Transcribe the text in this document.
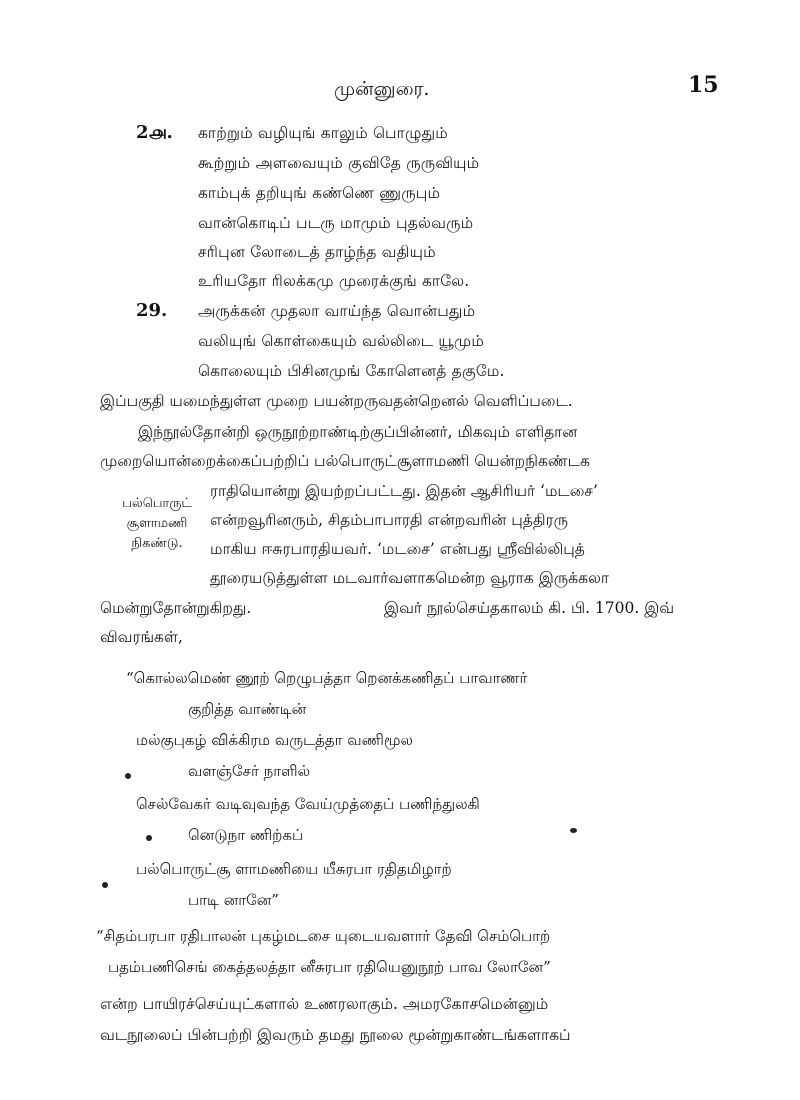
முன்னுரை.	15
2௮. காற்றும் வழியுங் காலும் பொழுதும்
கூற்றும் அளவையும் குவிதே ருருவியும்
காம்புக் தறியுங் கண்ணெ ணுருபும்
வான்கொடிப் படரு மாமும் புதல்வரும்
சரிபுன லோடைத் தாழ்ந்த வதியும்
உரியதோ ரிலக்கமு முரைக்குங் காலே.
29. அருக்கன் முதலா வாய்ந்த வொன்பதும்
வலியுங் கொள்கையும் வல்லிடை யூமும்
கொலையும் பிசினமுங் கோளெனத் தகுமே.
இப்பகுதி யமைந்துள்ள முறை பயன்றருவதன்றெனல் வெளிப்படை.
இந்நூல்தோன்றி ஒருநூற்றாண்டிற்குப்பின்னர், மிகவும் எளிதான
முறையொன்றைக்கைப்பற்றிப் பல்பொருட்சூளாமணி யென்றநிகண்டக
ராதியொன்று இயற்றப்பட்டது. இதன் ஆசிரியர் ‘மடசை’
என்றவூரினரும், சிதம்பாபாரதி என்றவரின் புத்திரரு
மாகிய ஈசுரபாரதியவர். ‘மடசை’ என்பது ஸ்ரீவில்லிபுத்
தூரையடுத்துள்ள மடவார்வளாகமென்ற வூராக இருக்கலா
மென்றுதோன்றுகிறது.	இவர் நூல்செய்தகாலம் கி. பி. 1700. இவ்
விவரங்கள்,
பல்பொருட்
சூளாமணி
நிகண்டு.
“கொல்லமெண் ணூற் றெழுபத்தா றெனக்கணிதப் பாவாணர்
குறித்த வாண்டின்
மல்குபுகழ் விக்கிரம வருடத்தா வணிமூல
வளஞ்சேர் நாளில்
செல்வேகர் வடிவுவந்த வேய்முத்தைப் பணிந்துலகி
னெடுநா ணிற்கப்
பல்பொருட்சூ ளாமணியை யீசுரபா ரதிதமிழாற்
பாடி னானே”
“சிதம்பரபா ரதிபாலன் புகழ்மடசை யுடையவளார் தேவி செம்பொற்
பதம்பணிசெங் கைத்தலத்தா னீசுரபா ரதியெனுநூற் பாவ லோனே”
என்ற பாயிரச்செய்யுட்களால் உணரலாகும். அமரகோசமென்னும்
வடநூலைப் பின்பற்றி இவரும் தமது நூலை மூன்றுகாண்டங்களாகப்
